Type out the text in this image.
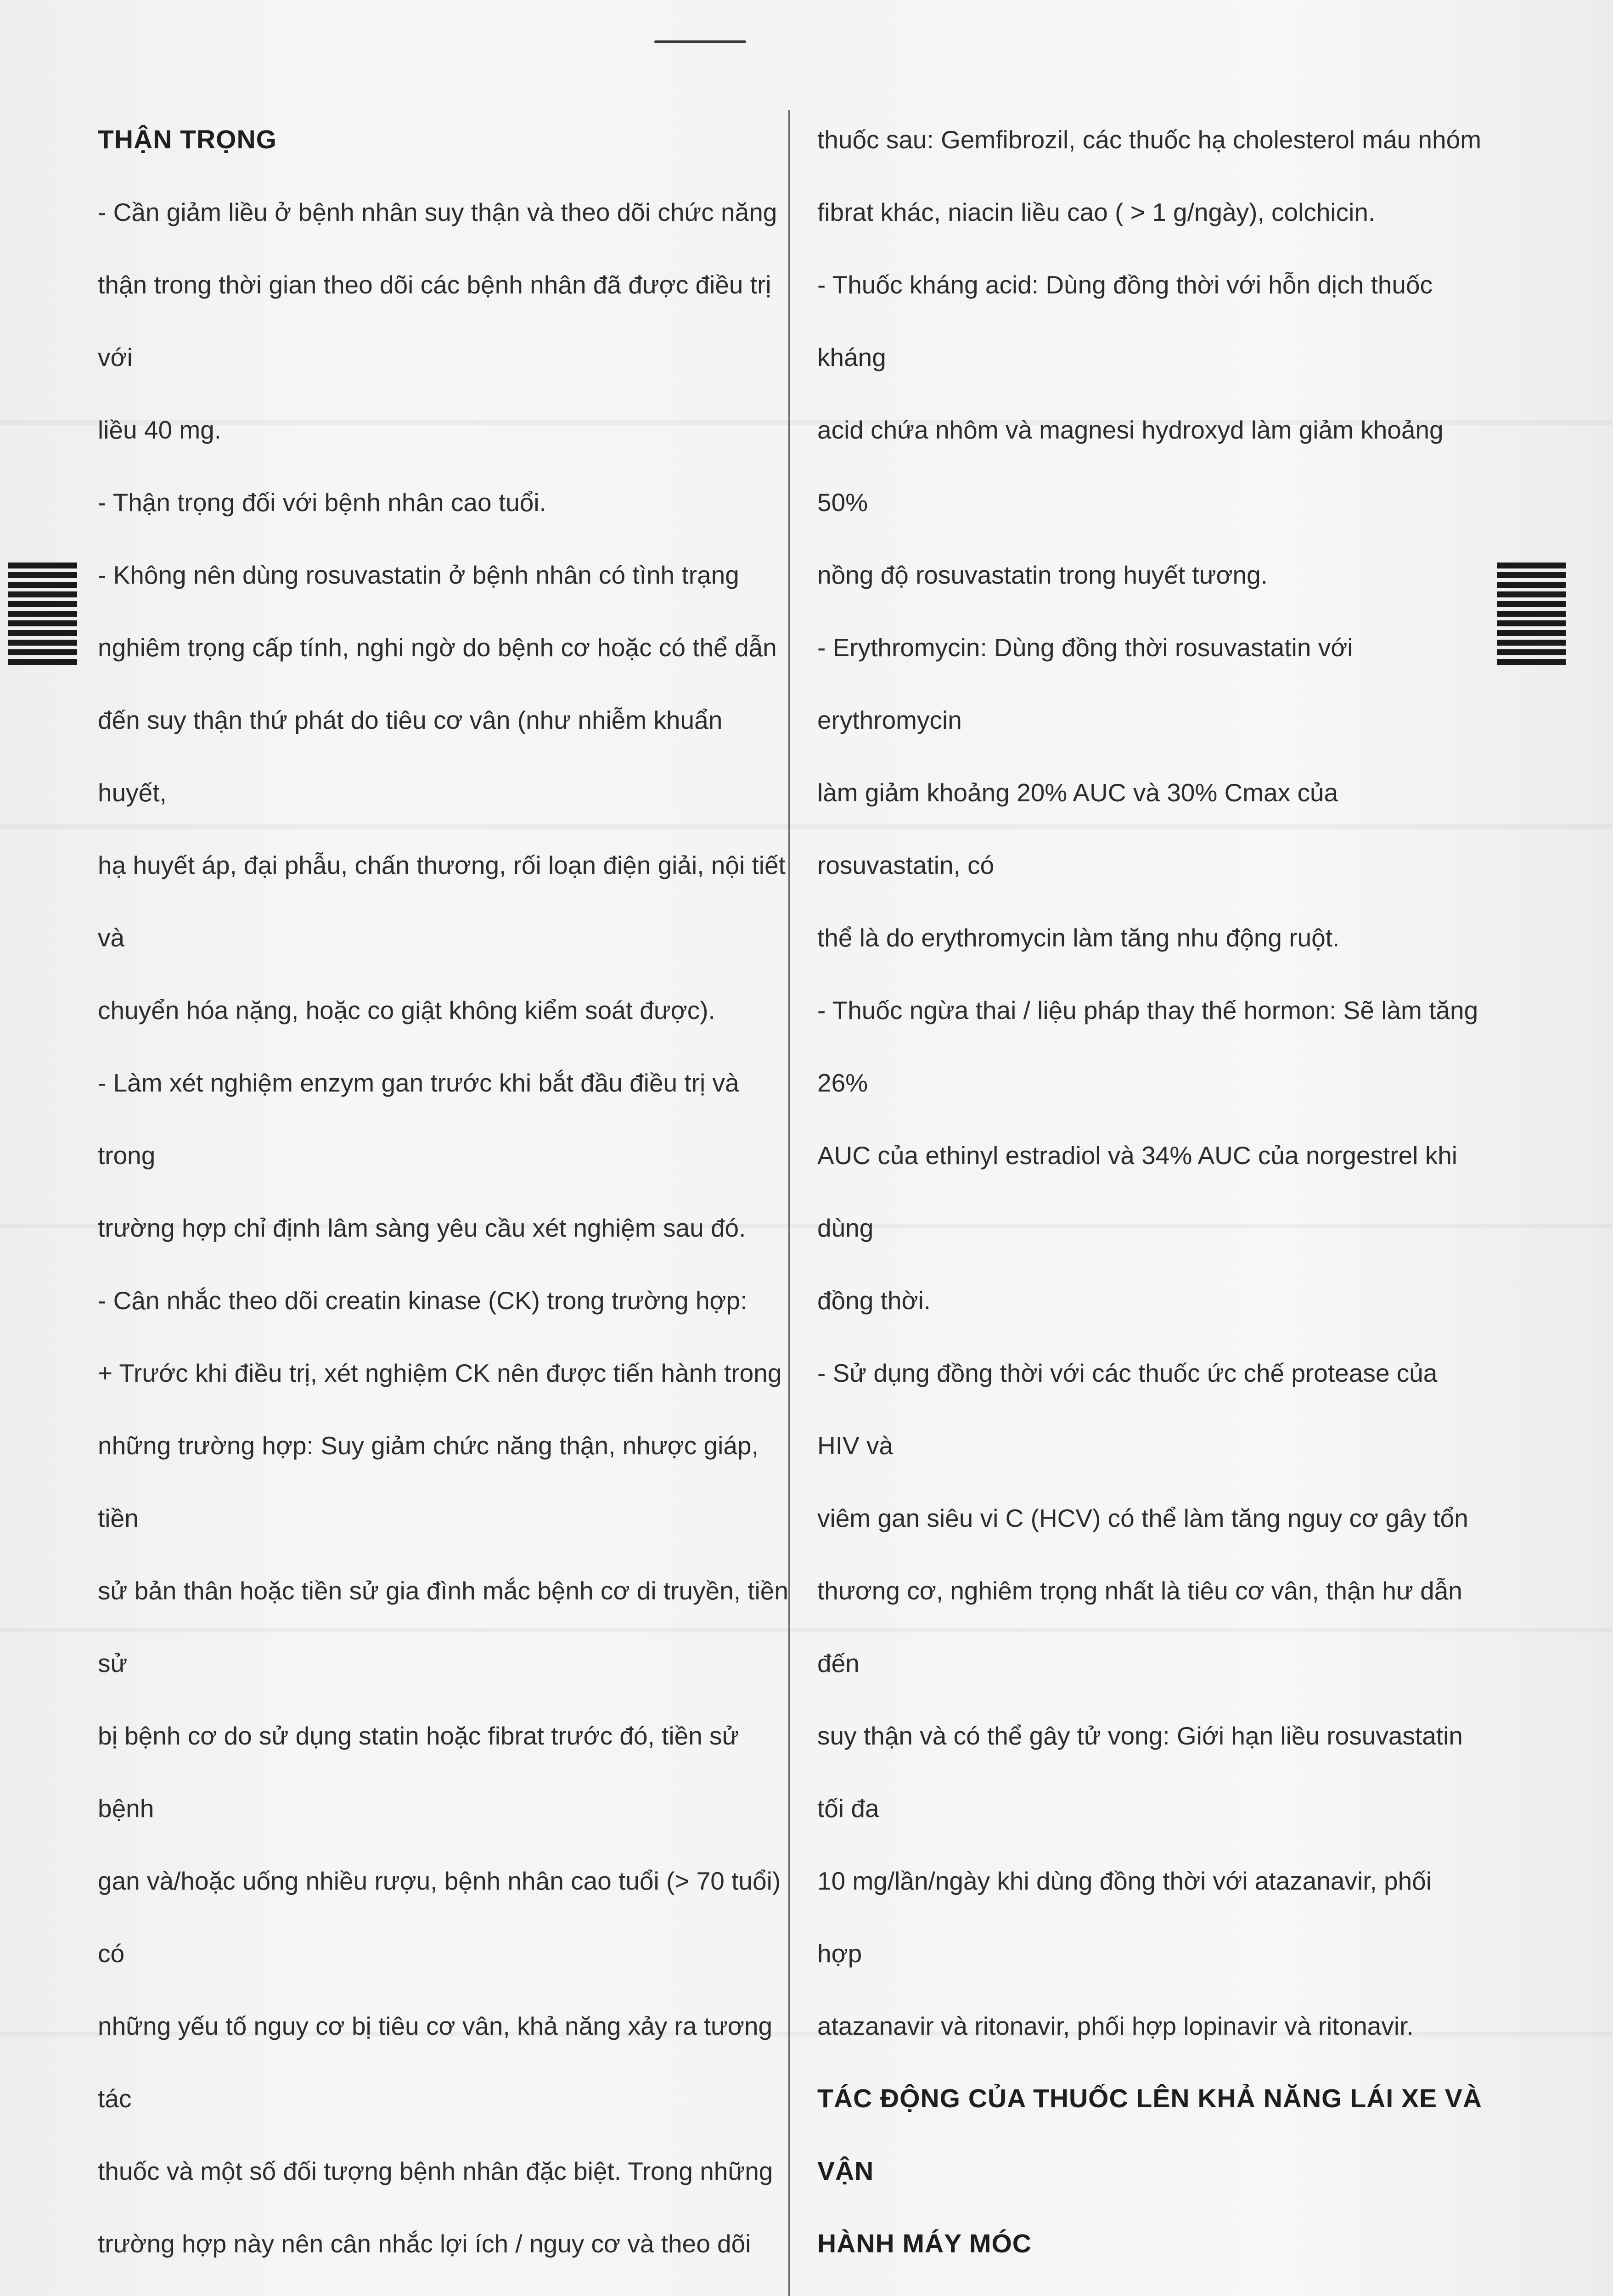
THẬN TRỌNG
- Cần giảm liều ở bệnh nhân suy thận và theo dõi chức năng
thận trong thời gian theo dõi các bệnh nhân đã được điều trị với
liều 40 mg.
- Thận trọng đối với bệnh nhân cao tuổi.
- Không nên dùng rosuvastatin ở bệnh nhân có tình trạng
nghiêm trọng cấp tính, nghi ngờ do bệnh cơ hoặc có thể dẫn
đến suy thận thứ phát do tiêu cơ vân (như nhiễm khuẩn huyết,
hạ huyết áp, đại phẫu, chấn thương, rối loạn điện giải, nội tiết và
chuyển hóa nặng, hoặc co giật không kiểm soát được).
- Làm xét nghiệm enzym gan trước khi bắt đầu điều trị và trong
trường hợp chỉ định lâm sàng yêu cầu xét nghiệm sau đó.
- Cân nhắc theo dõi creatin kinase (CK) trong trường hợp:
+ Trước khi điều trị, xét nghiệm CK nên được tiến hành trong
những trường hợp: Suy giảm chức năng thận, nhược giáp, tiền
sử bản thân hoặc tiền sử gia đình mắc bệnh cơ di truyền, tiền sử
bị bệnh cơ do sử dụng statin hoặc fibrat trước đó, tiền sử bệnh
gan và/hoặc uống nhiều rượu, bệnh nhân cao tuổi (> 70 tuổi) có
những yếu tố nguy cơ bị tiêu cơ vân, khả năng xảy ra tương tác
thuốc và một số đối tượng bệnh nhân đặc biệt. Trong những
trường hợp này nên cân nhắc lợi ích / nguy cơ và theo dõi
thuốc sau: Gemfibrozil, các thuốc hạ cholesterol máu nhóm
fibrat khác, niacin liều cao ( > 1 g/ngày), colchicin.
- Thuốc kháng acid: Dùng đồng thời với hỗn dịch thuốc kháng
acid chứa nhôm và magnesi hydroxyd làm giảm khoảng 50%
nồng độ rosuvastatin trong huyết tương.
- Erythromycin: Dùng đồng thời rosuvastatin với erythromycin
làm giảm khoảng 20% AUC và 30% Cmax của rosuvastatin, có
thể là do erythromycin làm tăng nhu động ruột.
- Thuốc ngừa thai / liệu pháp thay thế hormon: Sẽ làm tăng 26%
AUC của ethinyl estradiol và 34% AUC của norgestrel khi dùng
đồng thời.
- Sử dụng đồng thời với các thuốc ức chế protease của HIV và
viêm gan siêu vi C (HCV) có thể làm tăng nguy cơ gây tổn
thương cơ, nghiêm trọng nhất là tiêu cơ vân, thận hư dẫn đến
suy thận và có thể gây tử vong: Giới hạn liều rosuvastatin tối đa
10 mg/lần/ngày khi dùng đồng thời với atazanavir, phối hợp
atazanavir và ritonavir, phối hợp lopinavir và ritonavir.
TÁC ĐỘNG CỦA THUỐC LÊN KHẢ NĂNG LÁI XE VÀ VẬN
HÀNH MÁY MÓC
